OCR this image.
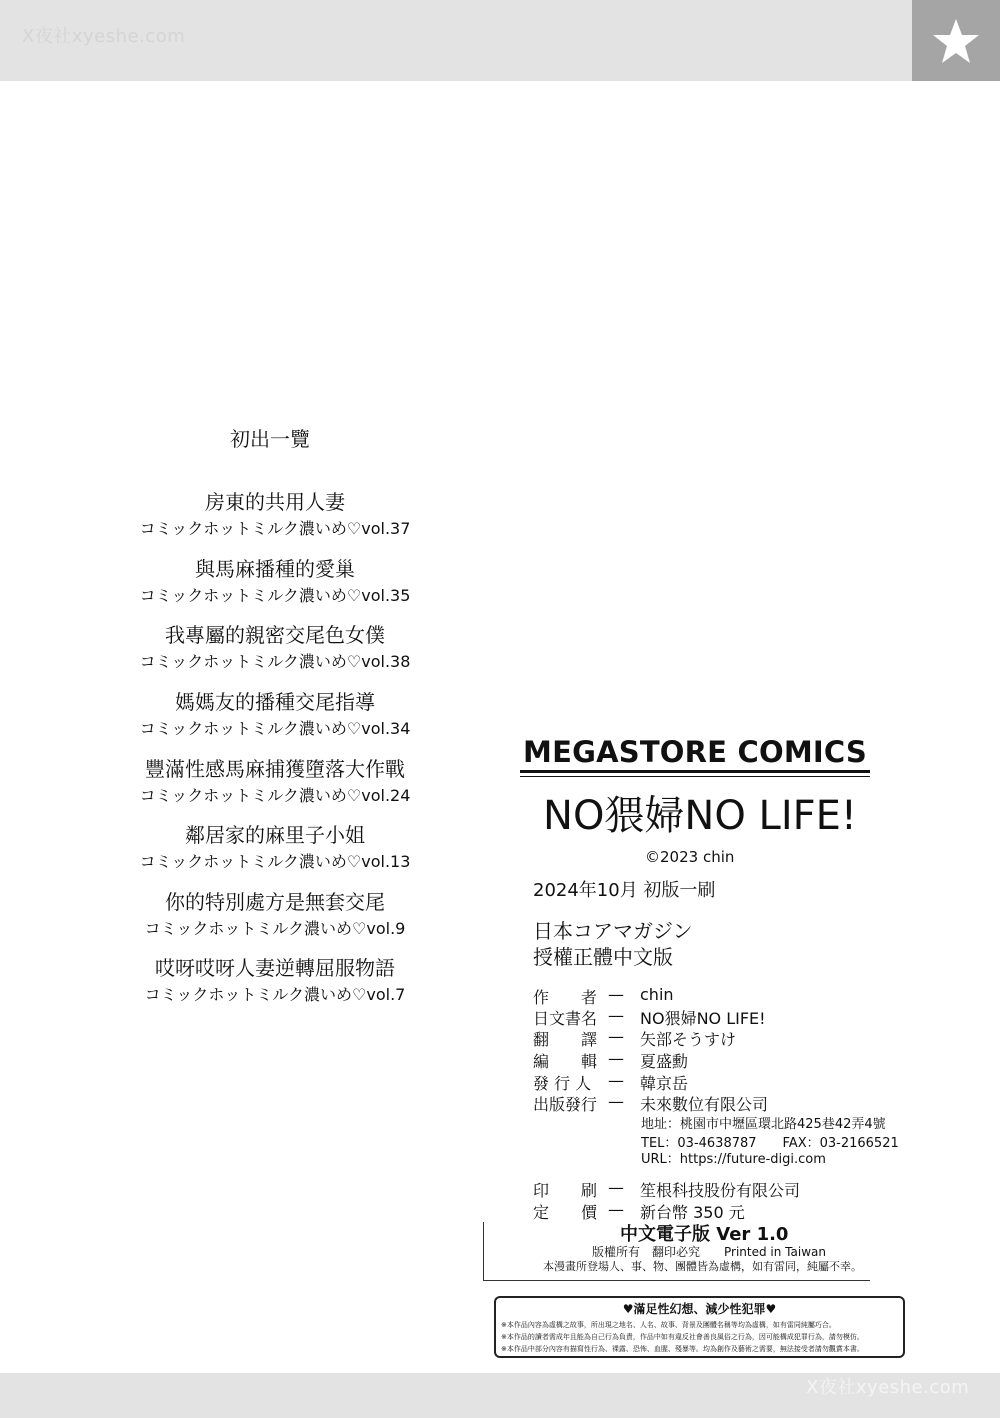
X夜社xyeshe.com
初出一覽
房東的共用人妻
コミックホットミルク濃いめ♡vol.37
與馬麻播種的愛巢
コミックホットミルク濃いめ♡vol.35
我專屬的親密交尾色女僕
コミックホットミルク濃いめ♡vol.38
媽媽友的播種交尾指導
コミックホットミルク濃いめ♡vol.34
豐滿性感馬麻捕獲墮落大作戰
コミックホットミルク濃いめ♡vol.24
鄰居家的麻里子小姐
コミックホットミルク濃いめ♡vol.13
你的特別處方是無套交尾
コミックホットミルク濃いめ♡vol.9
哎呀哎呀人妻逆轉屈服物語
コミックホットミルク濃いめ♡vol.7
MEGASTORE COMICS
NO猥婦NO LIFE!
©2023 chin
2024年10月 初版一刷
日本コアマガジン
授權正體中文版
作　　者 —	chin
日文書名 —	NO猥婦NO LIFE!
翻　　譯 —	矢部そうすけ
編　　輯 —	夏盛勳
發 行 人	—	韓京岳
出版發行 —	未來數位有限公司
地址：桃園市中壢區環北路425巷42弄4號
TEL：03-4638787　　FAX：03-2166521
URL：https://future-digi.com
印　　刷 —	笙根科技股份有限公司
定　　價 —	新台幣 350 元
中文電子版 Ver 1.0
版權所有　翻印必究　　Printed in Taiwan
本漫畫所登場人、事、物、團體皆為虛構，如有雷同，純屬不幸。
♥滿足性幻想、減少性犯罪♥
※本作品內容為虛構之故事，所出現之地名、人名、故事、背景及團體名稱等均為虛構，如有雷同純屬巧合。
※本作品的讀者需成年且能為自己行為負責，作品中如有違反社會善良風俗之行為，因可能構成犯罪行為，請勿模仿。
※本作品中部分內容有描寫性行為、裸露、恐怖、血腥、殘暴等。均為創作及藝術之需要，無法接受者請勿觀賞本書。
X夜社xyeshe.com
